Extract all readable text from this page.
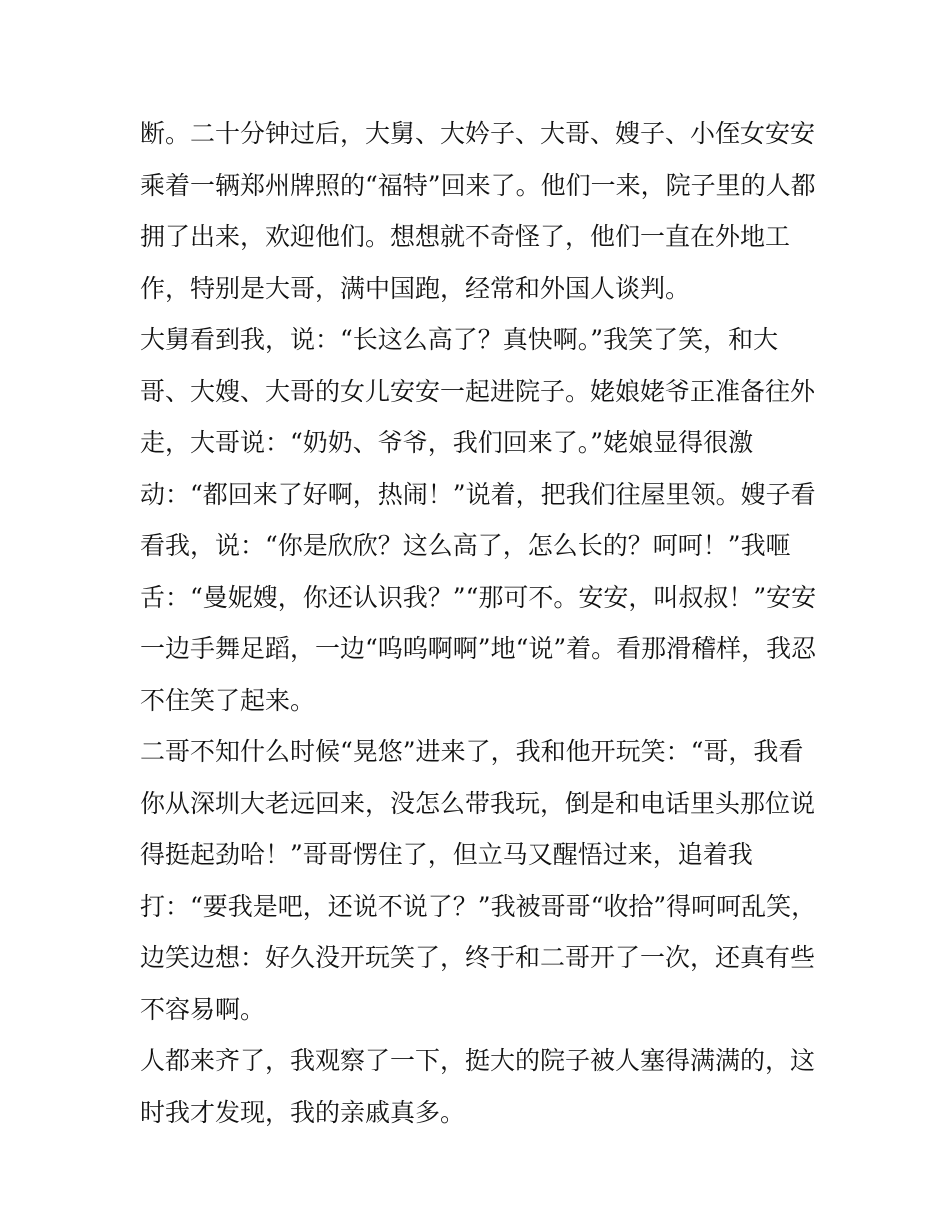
断。二十分钟过后，大舅、大妗子、大哥、嫂子、小侄女安安
乘着一辆郑州牌照的“福特”回来了。他们一来，院子里的人都
拥了出来，欢迎他们。想想就不奇怪了，他们一直在外地工
作，特别是大哥，满中国跑，经常和外国人谈判。
大舅看到我，说：“长这么高了？真快啊。”我笑了笑，和大
哥、大嫂、大哥的女儿安安一起进院子。姥娘姥爷正准备往外
走，大哥说：“奶奶、爷爷，我们回来了。”姥娘显得很激
动：“都回来了好啊，热闹！”说着，把我们往屋里领。嫂子看
看我，说：“你是欣欣？这么高了，怎么长的？呵呵！”我咂
舌：“曼妮嫂，你还认识我？”“那可不。安安，叫叔叔！”安安
一边手舞足蹈，一边“呜呜啊啊”地“说”着。看那滑稽样，我忍
不住笑了起来。
二哥不知什么时候“晃悠”进来了，我和他开玩笑：“哥，我看
你从深圳大老远回来，没怎么带我玩，倒是和电话里头那位说
得挺起劲哈！”哥哥愣住了，但立马又醒悟过来，追着我
打：“要我是吧，还说不说了？”我被哥哥“收拾”得呵呵乱笑，
边笑边想：好久没开玩笑了，终于和二哥开了一次，还真有些
不容易啊。
人都来齐了，我观察了一下，挺大的院子被人塞得满满的，这
时我才发现，我的亲戚真多。
